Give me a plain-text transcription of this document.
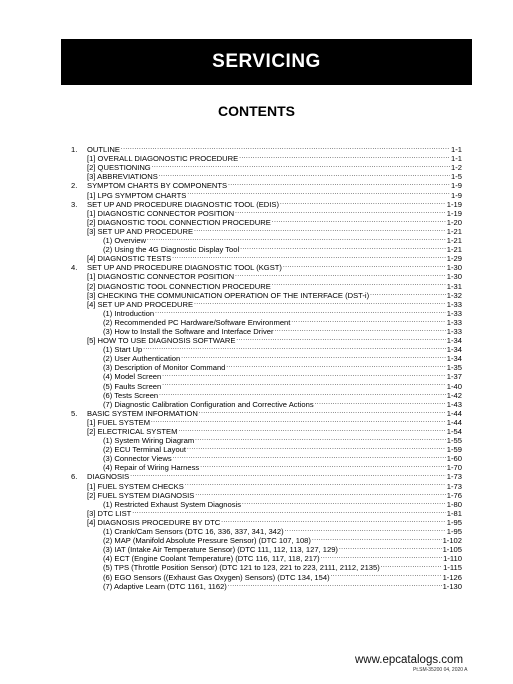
SERVICING
CONTENTS
1.	OUTLINE .....	1-1
[1] OVERALL DIAGONOSTIC PROCEDURE .....	1-1
[2] QUESTIONING .....	1-2
[3] ABBREVIATIONS .....	1-5
2.	SYMPTOM CHARTS BY COMPONENTS .....	1-9
[1] LPG SYMPTOM CHARTS .....	1-9
3.	SET UP AND PROCEDURE DIAGNOSTIC TOOL (EDIS) .....	1-19
[1] DIAGNOSTIC CONNECTOR POSITION .....	1-19
[2] DIAGNOSTIC TOOL CONNECTION PROCEDURE .....	1-20
[3] SET UP AND PROCEDURE .....	1-21
(1) Overview .....	1-21
(2) Using the 4G Diagnostic Display Tool .....	1-21
[4] DIAGNOSTIC TESTS .....	1-29
4.	SET UP AND PROCEDURE DIAGNOSTIC TOOL (KGST) .....	1-30
[1] DIAGNOSTIC CONNECTOR POSITION .....	1-30
[2] DIAGNOSTIC TOOL CONNECTION PROCEDURE .....	1-31
[3] CHECKING THE COMMUNICATION OPERATION OF THE INTERFACE (DST-i) .....	1-32
[4] SET UP AND PROCEDURE .....	1-33
(1) Introduction .....	1-33
(2) Recommended PC Hardware/Software Environment .....	1-33
(3) How to Install the Software and Interface Driver .....	1-33
[5] HOW TO USE DIAGNOSIS SOFTWARE .....	1-34
(1) Start Up .....	1-34
(2) User Authentication .....	1-34
(3) Description of Monitor Command .....	1-35
(4) Model Screen .....	1-37
(5) Faults Screen .....	1-40
(6) Tests Screen .....	1-42
(7) Diagnostic Calibration Configuration and Corrective Actions .....	1-43
5.	BASIC SYSTEM INFORMATION .....	1-44
[1] FUEL SYSTEM .....	1-44
[2] ELECTRICAL SYSTEM .....	1-54
(1) System Wiring Diagram .....	1-55
(2) ECU Terminal Layout .....	1-59
(3) Connector Views .....	1-60
(4) Repair of Wiring Harness .....	1-70
6.	DIAGNOSIS .....	1-73
[1] FUEL SYSTEM CHECKS .....	1-73
[2] FUEL SYSTEM DIAGNOSIS .....	1-76
(1) Restricted Exhaust System Diagnosis .....	1-80
[3] DTC LIST .....	1-81
[4] DIAGNOSIS PROCEDURE BY DTC .....	1-95
(1) Crank/Cam Sensors (DTC 16, 336, 337, 341, 342) .....	1-95
(2) MAP (Manifold Absolute Pressure Sensor) (DTC 107, 108) .....	1-102
(3) IAT (Intake Air Temperature Sensor) (DTC 111, 112, 113, 127, 129) .....	1-105
(4) ECT (Engine Coolant Temperature) (DTC 116, 117, 118, 217) .....	1-110
(5) TPS (Throttle Position Sensor) (DTC 121 to 123, 221 to 223, 2111, 2112, 2135) .....	1-115
(6) EGO Sensors ((Exhaust Gas Oxygen) Sensors) (DTC 134, 154) .....	1-126
(7) Adaptive Learn (DTC 1161, 1162) .....	1-130
www.epcatalogs.com
Pt.SM-35200 04, 2020 A
